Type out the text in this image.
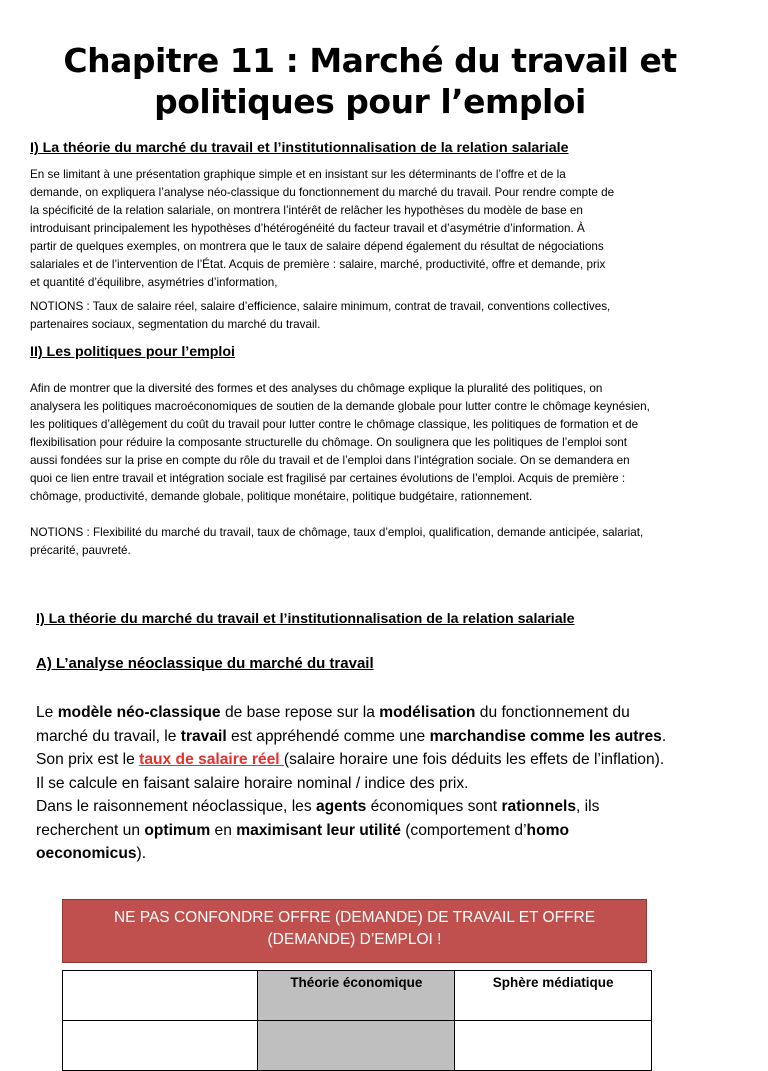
Chapitre 11 : Marché du travail et
politiques pour l’emploi
I) La théorie du marché du travail et l’institutionnalisation de la relation salariale
En se limitant à une présentation graphique simple et en insistant sur les déterminants de l’offre et de la
demande, on expliquera l’analyse néo-classique du fonctionnement du marché du travail. Pour rendre compte de
la spécificité de la relation salariale, on montrera l’intérêt de relâcher les hypothèses du modèle de base en
introduisant principalement les hypothèses d’hétérogénéité du facteur travail et d’asymétrie d’information. À
partir de quelques exemples, on montrera que le taux de salaire dépend également du résultat de négociations
salariales et de l’intervention de l’État. Acquis de première : salaire, marché, productivité, offre et demande, prix
et quantité d’équilibre, asymétries d’information,
NOTIONS : Taux de salaire réel, salaire d’efficience, salaire minimum, contrat de travail, conventions collectives,
partenaires sociaux, segmentation du marché du travail.
II) Les politiques pour l’emploi
Afin de montrer que la diversité des formes et des analyses du chômage explique la pluralité des politiques, on
analysera les politiques macroéconomiques de soutien de la demande globale pour lutter contre le chômage keynésien,
les politiques d’allègement du coût du travail pour lutter contre le chômage classique, les politiques de formation et de
flexibilisation pour réduire la composante structurelle du chômage. On soulignera que les politiques de l’emploi sont
aussi fondées sur la prise en compte du rôle du travail et de l’emploi dans l’intégration sociale. On se demandera en
quoi ce lien entre travail et intégration sociale est fragilisé par certaines évolutions de l’emploi. Acquis de première :
chômage, productivité, demande globale, politique monétaire, politique budgétaire, rationnement.
NOTIONS : Flexibilité du marché du travail, taux de chômage, taux d’emploi, qualification, demande anticipée, salariat,
précarité, pauvreté.
I) La théorie du marché du travail et l’institutionnalisation de la relation salariale
A) L’analyse néoclassique du marché du travail
Le modèle néo-classique de base repose sur la modélisation du fonctionnement du
marché du travail, le travail est appréhendé comme une marchandise comme les autres.
Son prix est le taux de salaire réel (salaire horaire une fois déduits les effets de l’inflation).
Il se calcule en faisant salaire horaire nominal / indice des prix.
Dans le raisonnement néoclassique, les agents économiques sont rationnels, ils
recherchent un optimum en maximisant leur utilité (comportement d’homo
oeconomicus).
NE PAS CONFONDRE OFFRE (DEMANDE) DE TRAVAIL ET OFFRE
(DEMANDE) D’EMPLOI !
	Théorie économique	Sphère médiatique
